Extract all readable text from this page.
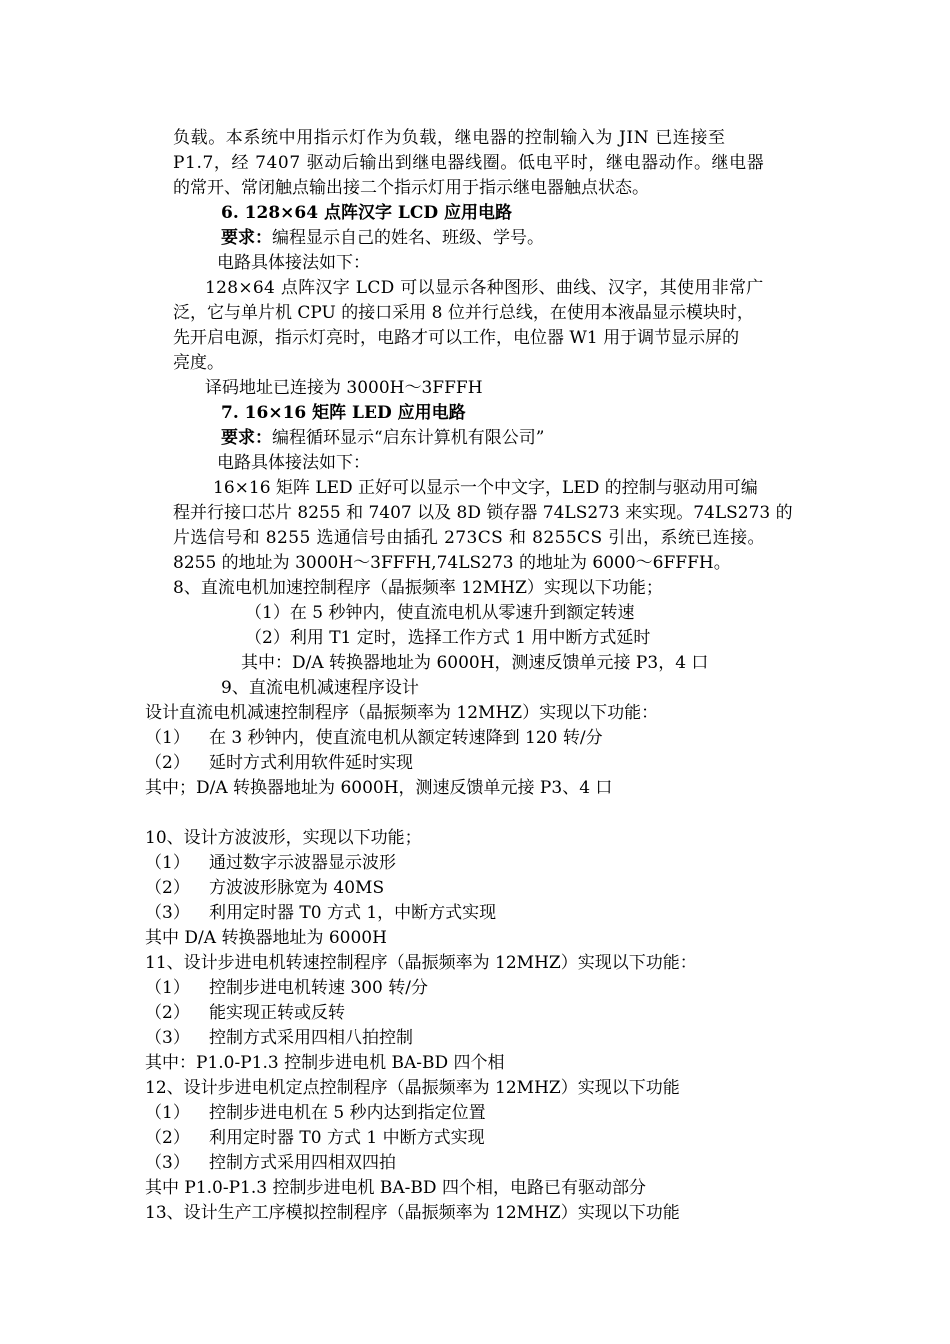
负载。本系统中用指示灯作为负载，继电器的控制输入为 JIN 已连接至
P1.7，经 7407 驱动后输出到继电器线圈。低电平时，继电器动作。继电器
的常开、常闭触点输出接二个指示灯用于指示继电器触点状态。
6. 128×64 点阵汉字 LCD 应用电路
要求：编程显示自己的姓名、班级、学号。
电路具体接法如下：
128×64 点阵汉字 LCD 可以显示各种图形、曲线、汉字，其使用非常广
泛，它与单片机 CPU 的接口采用 8 位并行总线，在使用本液晶显示模块时，
先开启电源，指示灯亮时，电路才可以工作，电位器 W1 用于调节显示屏的
亮度。
译码地址已连接为 3000H～3FFFH
7. 16×16 矩阵 LED 应用电路
要求：编程循环显示“启东计算机有限公司”
电路具体接法如下：
16×16 矩阵 LED 正好可以显示一个中文字，LED 的控制与驱动用可编
程并行接口芯片 8255 和 7407 以及 8D 锁存器 74LS273 来实现。74LS273 的
片选信号和 8255 选通信号由插孔 273CS 和 8255CS 引出，系统已连接。
8255 的地址为 3000H～3FFFH,74LS273 的地址为 6000～6FFFH。
8、直流电机加速控制程序（晶振频率 12MHZ）实现以下功能；
（1）在 5 秒钟内，使直流电机从零速升到额定转速
（2）利用 T1 定时，选择工作方式 1 用中断方式延时
其中：D/A 转换器地址为 6000H，测速反馈单元接 P3，4 口
9、直流电机减速程序设计
设计直流电机减速控制程序（晶振频率为 12MHZ）实现以下功能：
（1） 在 3 秒钟内，使直流电机从额定转速降到 120 转/分
（2） 延时方式利用软件延时实现
其中；D/A 转换器地址为 6000H，测速反馈单元接 P3、4 口
10、设计方波波形，实现以下功能；
（1） 通过数字示波器显示波形
（2） 方波波形脉宽为 40MS
（3） 利用定时器 T0 方式 1，中断方式实现
其中 D/A 转换器地址为 6000H
11、设计步进电机转速控制程序（晶振频率为 12MHZ）实现以下功能：
（1） 控制步进电机转速 300 转/分
（2） 能实现正转或反转
（3） 控制方式采用四相八拍控制
其中：P1.0-P1.3 控制步进电机 BA-BD 四个相
12、设计步进电机定点控制程序（晶振频率为 12MHZ）实现以下功能
（1） 控制步进电机在 5 秒内达到指定位置
（2） 利用定时器 T0 方式 1 中断方式实现
（3） 控制方式采用四相双四拍
其中 P1.0-P1.3 控制步进电机 BA-BD 四个相，电路已有驱动部分
13、设计生产工序模拟控制程序（晶振频率为 12MHZ）实现以下功能
